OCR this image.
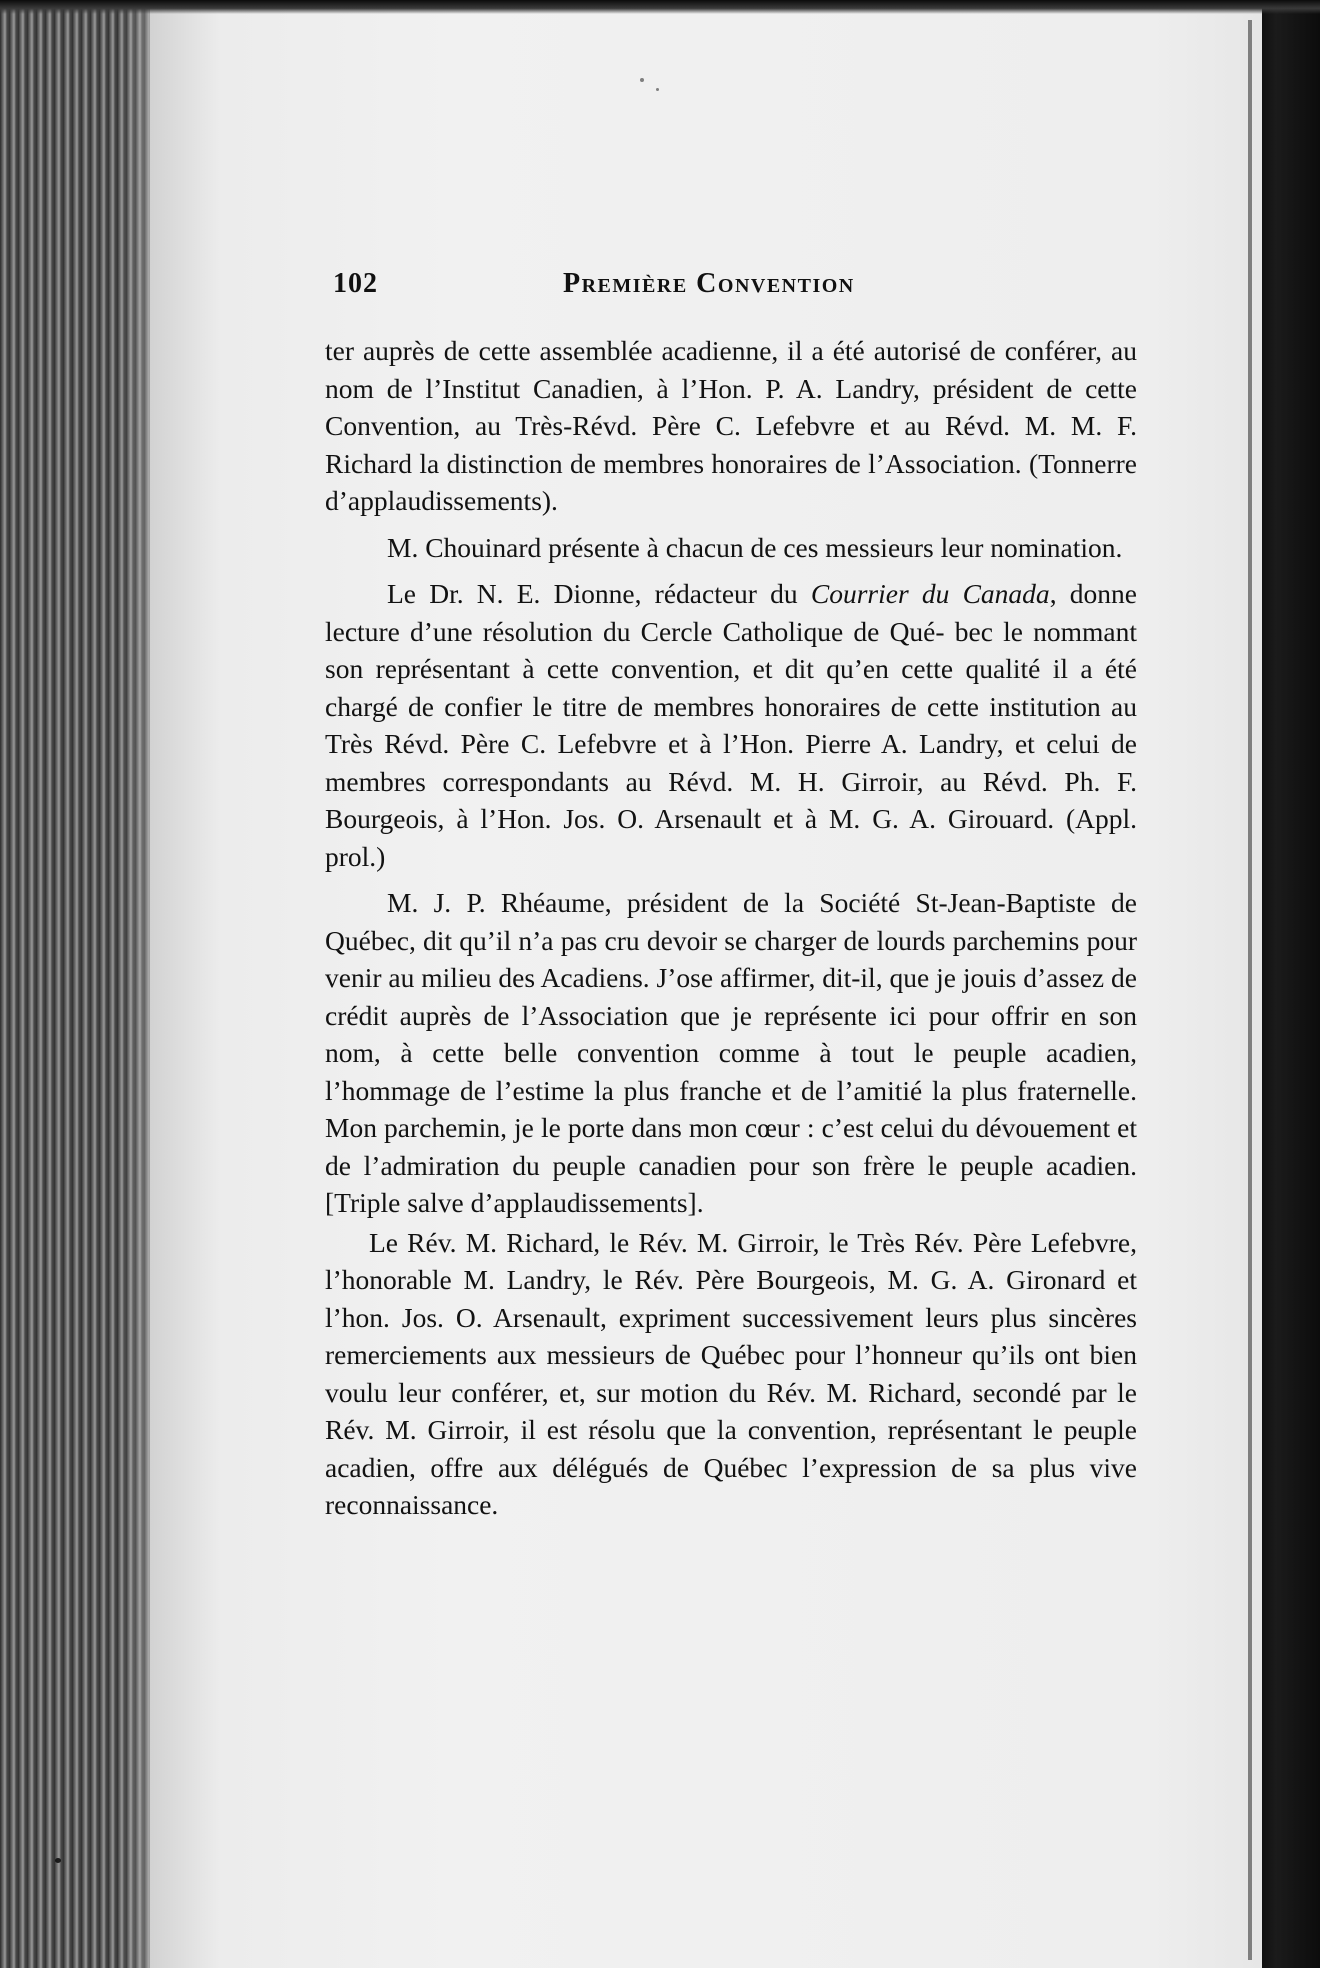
102	Première Convention

ter auprès de cette assemblée acadienne, il a été autorisé de conférer, au nom de l’Institut Canadien, à l’Hon. P. A. Landry, président de cette Convention, au Très-Révd. Père C. Lefebvre et au Révd. M. M. F. Richard la distinction de membres honoraires de l’Association. (Tonnerre d’applaudissements).

M. Chouinard présente à chacun de ces messieurs leur nomination.

Le Dr. N. E. Dionne, rédacteur du Courrier du Canada, donne lecture d’une résolution du Cercle Catholique de Qué- bec le nommant son représentant à cette convention, et dit qu’en cette qualité il a été chargé de confier le titre de membres honoraires de cette institution au Très Révd. Père C. Lefebvre et à l’Hon. Pierre A. Landry, et celui de membres correspondants au Révd. M. H. Girroir, au Révd. Ph. F. Bourgeois, à l’Hon. Jos. O. Arsenault et à M. G. A. Girouard. (Appl. prol.)

M. J. P. Rhéaume, président de la Société St-Jean-Baptiste de Québec, dit qu’il n’a pas cru devoir se charger de lourds parchemins pour venir au milieu des Acadiens. J’ose affirmer, dit-il, que je jouis d’assez de crédit auprès de l’Association que je représente ici pour offrir en son nom, à cette belle convention comme à tout le peuple acadien, l’hommage de l’estime la plus franche et de l’amitié la plus fraternelle. Mon parchemin, je le porte dans mon cœur : c’est celui du dévouement et de l’admiration du peuple canadien pour son frère le peuple acadien. [Triple salve d’applaudissements].

Le Rév. M. Richard, le Rév. M. Girroir, le Très Rév. Père Lefebvre, l’honorable M. Landry, le Rév. Père Bourgeois, M. G. A. Gironard et l’hon. Jos. O. Arsenault, expriment successivement leurs plus sincères remerciements aux messieurs de Québec pour l’honneur qu’ils ont bien voulu leur conférer, et, sur motion du Rév. M. Richard, secondé par le Rév. M. Girroir, il est résolu que la convention, représentant le peuple acadien, offre aux délégués de Québec l’expression de sa plus vive reconnaissance.
